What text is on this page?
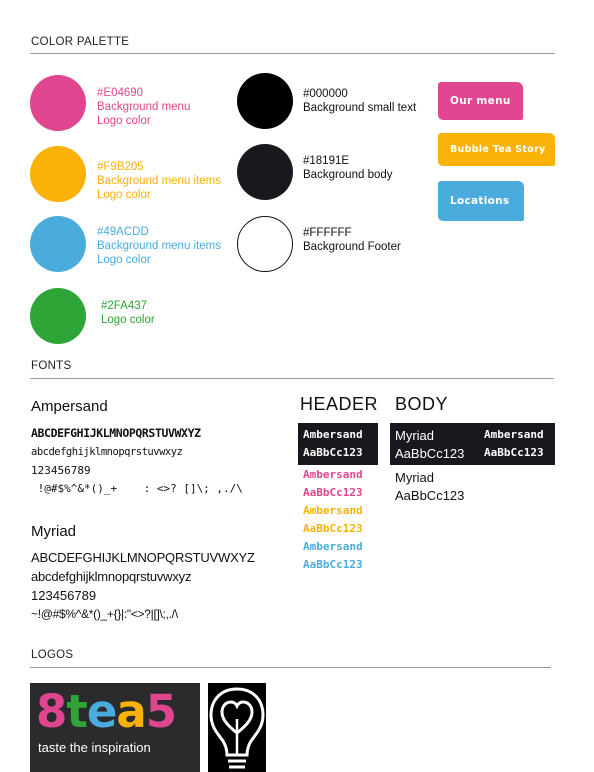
COLOR PALETTE
#E04690
Background menu
Logo color
#F9B205
Background menu items
Logo color
#49ACDD
Background menu items
Logo color
#2FA437
Logo color
#000000
Background small text
#18191E
Background body
#FFFFFF
Background Footer
Our menu
Bubble Tea Story
Locations
FONTS
Ampersand
ABCDEFGHIJKLMNOPQRSTUVWXYZ
abcdefghijklmnopqrstuvwxyz
123456789
!@#$%^&*()_+    : <>? []\; ,./\
Myriad
ABCDEFGHIJKLMNOPQRSTUVWXYZ
abcdefghijklmnopqrstuvwxyz
123456789
~!@#$%^&*()_+{}|:"<>?|[]\;,./\
HEADER
Ambersand
AaBbCc123
Ambersand
AaBbCc123
Ambersand
AaBbCc123
Ambersand
AaBbCc123
BODY
Myriad
AaBbCc123
Ambersand
AaBbCc123
Myriad
AaBbCc123
LOGOS
8tea5
taste the inspiration
